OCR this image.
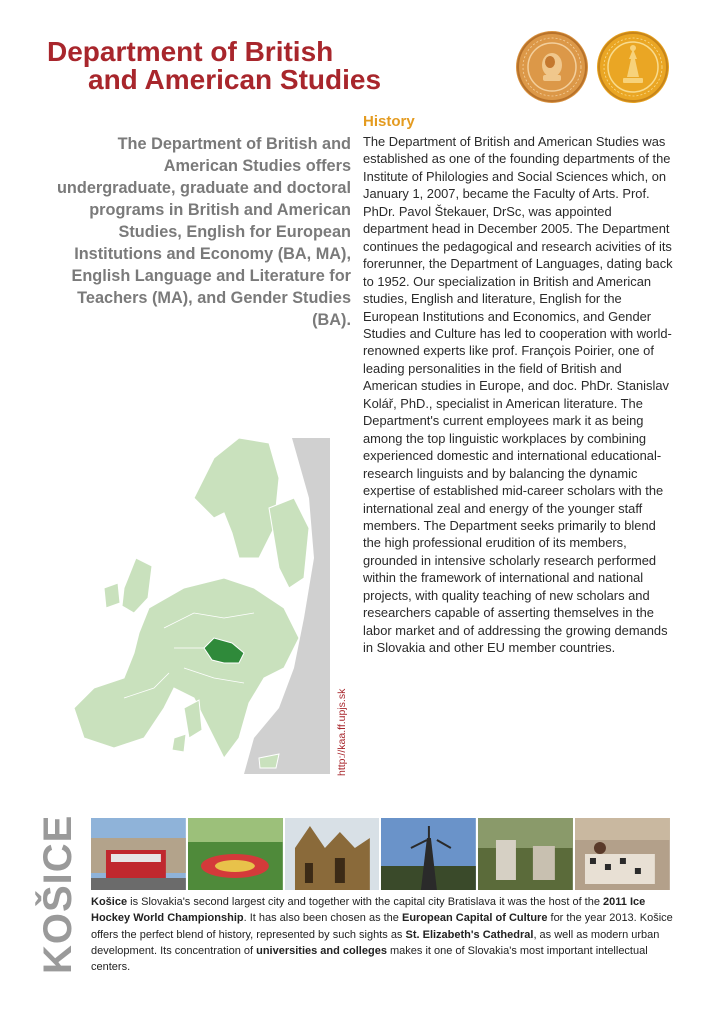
Department of British
and American Studies

The Department of British and American Studies offers undergraduate, graduate and doctoral programs in British and American Studies, English for European Institutions and Economy (BA, MA), English Language and Literature for Teachers (MA), and Gender Studies (BA).

History

The Department of British and American Studies was established as one of the founding departments of the Institute of Philologies and Social Sciences which, on January 1, 2007, became the Faculty of Arts. Prof. PhDr. Pavol Štekauer, DrSc, was appointed department head in December 2005. The Department continues the pedagogical and research acivities of its forerunner, the Department of Languages, dating back to 1952. Our specialization in British and American studies, English and literature, English for the European Institutions and Economics, and Gender Studies and Culture has led to cooperation with world-renowned experts like prof. François Poirier, one of leading personalities in the field of British and American studies in Europe, and doc. PhDr. Stanislav Kolář, PhD., specialist in American literature. The Department's current employees mark it as being among the top linguistic workplaces by combining experienced domestic and international educational-research linguists and by balancing the dynamic expertise of established mid-career scholars with the international zeal and energy of the younger staff members. The Department seeks primarily to blend the high professional erudition of its members, grounded in intensive scholarly research performed within the framework of international and national projects, with quality teaching of new scholars and researchers capable of asserting themselves in the labor market and of addressing the growing demands in Slovakia and other EU member countries.

http://kaa.ff.upjs.sk
KOŠICE Košice is Slovakia's second largest city and together with the capital city Bratislava it was the host of the 2011 Ice Hockey World Championship. It has also been chosen as the European Capital of Culture for the year 2013. Košice offers the perfect blend of history, represented by such sights as St. Elizabeth's Cathedral, as well as modern urban development. Its concentration of universities and colleges makes it one of Slovakia's most important intellectual centers.
